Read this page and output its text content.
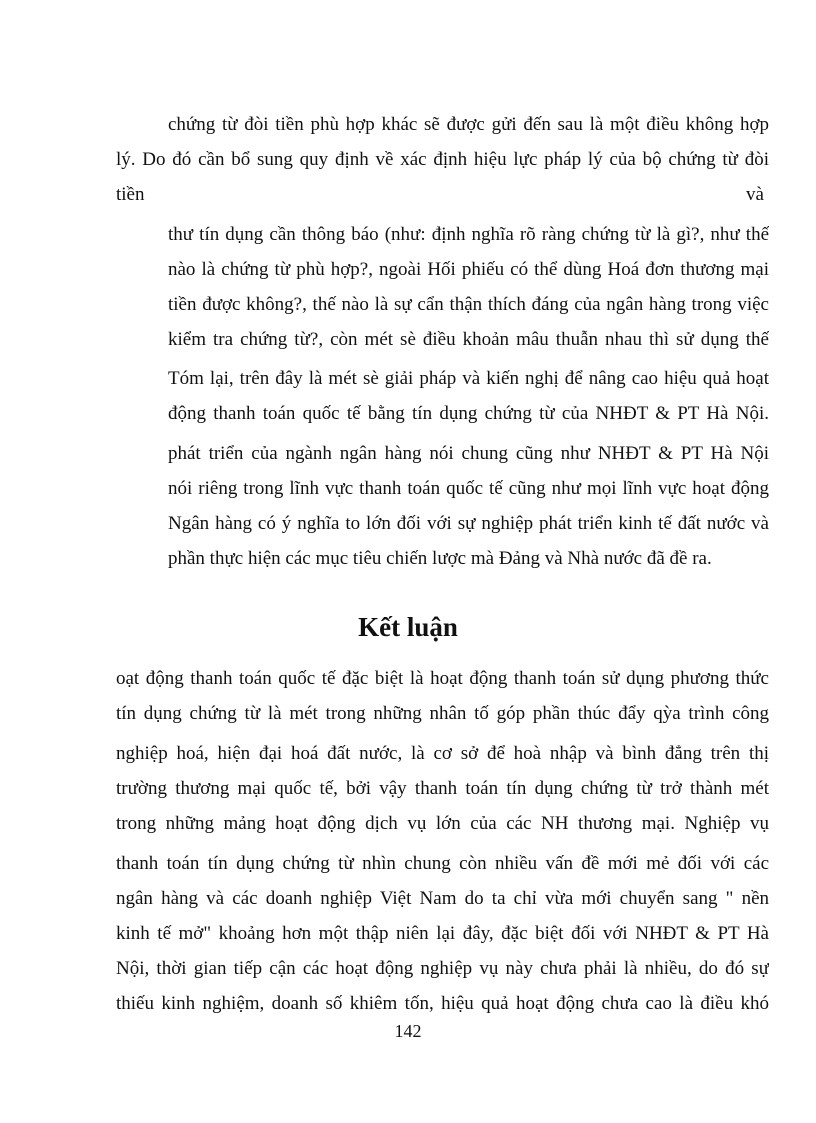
chứng từ đòi tiền phù hợp khác sẽ được gửi đến sau là một điều không hợp
lý. Do đó cần bổ sung quy định về xác định hiệu lực pháp lý của bộ chứng từ đòi
tiền	và
thư tín dụng cần thông báo (như: định nghĩa rõ ràng chứng từ là gì?, như thế
nào là chứng từ phù hợp?, ngoài Hối phiếu có thể dùng Hoá đơn thương mại
tiền được không?, thế nào là sự cẩn thận thích đáng của ngân hàng trong việc
kiểm tra chứng từ?, còn mét sè điều khoản mâu thuẫn nhau thì sử dụng thế
Tóm lại, trên đây là mét sè giải pháp và kiến nghị để nâng cao hiệu quả hoạt
động thanh toán quốc tế bằng tín dụng chứng từ của NHĐT & PT Hà Nội.
phát triển của ngành ngân hàng nói chung cũng như NHĐT & PT Hà Nội
nói riêng trong lĩnh vực thanh toán quốc tế cũng như mọi lĩnh vực hoạt động
Ngân hàng có ý nghĩa to lớn đối với sự nghiệp phát triển kinh tế đất nước và
phần thực hiện các mục tiêu chiến lược mà Đảng và Nhà nước đã đề ra.
Kết luận
oạt động thanh toán quốc tế đặc biệt là hoạt động thanh toán sử dụng phương thức
tín dụng chứng từ là mét trong những nhân tố góp phần thúc đẩy qỳa trình công
nghiệp hoá, hiện đại hoá đất nước, là cơ sở để hoà nhập và bình đẳng trên thị
trường thương mại quốc tế, bởi vậy thanh toán tín dụng chứng từ trở thành mét
trong những mảng hoạt động dịch vụ lớn của các NH thương mại. Nghiệp vụ
thanh toán tín dụng chứng từ nhìn chung còn nhiều vấn đề mới mẻ đối với các
ngân hàng và các doanh nghiệp Việt Nam do ta chỉ vừa mới chuyển sang " nền
kinh tế mở" khoảng hơn một thập niên lại đây, đặc biệt đối với NHĐT & PT Hà
Nội, thời gian tiếp cận các hoạt động nghiệp vụ này chưa phải là nhiều, do đó sự
thiếu kinh nghiệm, doanh số khiêm tốn, hiệu quả hoạt động chưa cao là điều khó
142
